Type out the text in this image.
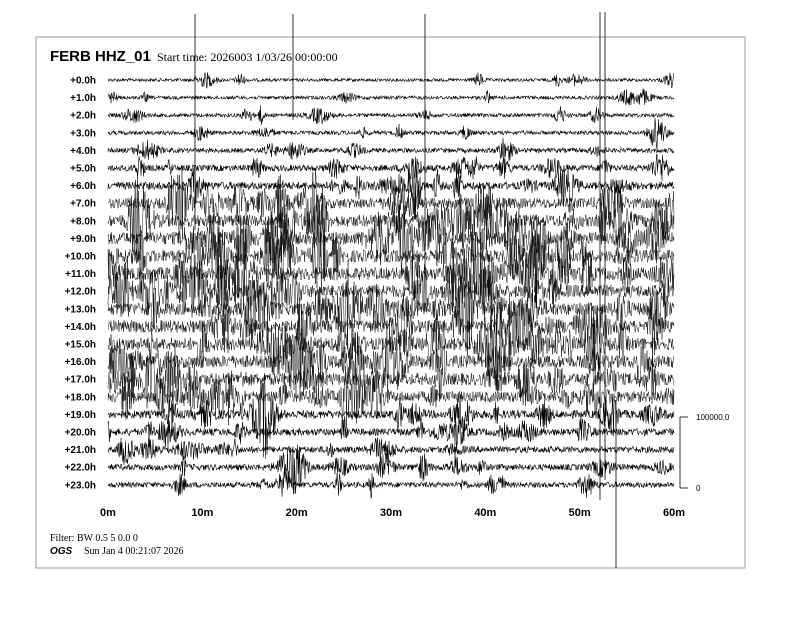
+0.0h
+1.0h
+2.0h
+3.0h
+4.0h
+5.0h
+6.0h
+7.0h
+8.0h
+9.0h
+10.0h
+11.0h
+12.0h
+13.0h
+14.0h
+15.0h
+16.0h
+17.0h
+18.0h
+19.0h
+20.0h
+21.0h
+22.0h
+23.0h
0m	10m	20m	30m	40m	50m	60m
FERB HHZ_01 Start time: 2026003 1/03/26 00:00:00
100000.0
0
Filter: BW 0.5 5 0.0 0
OGS Sun Jan 4 00:21:07 2026
